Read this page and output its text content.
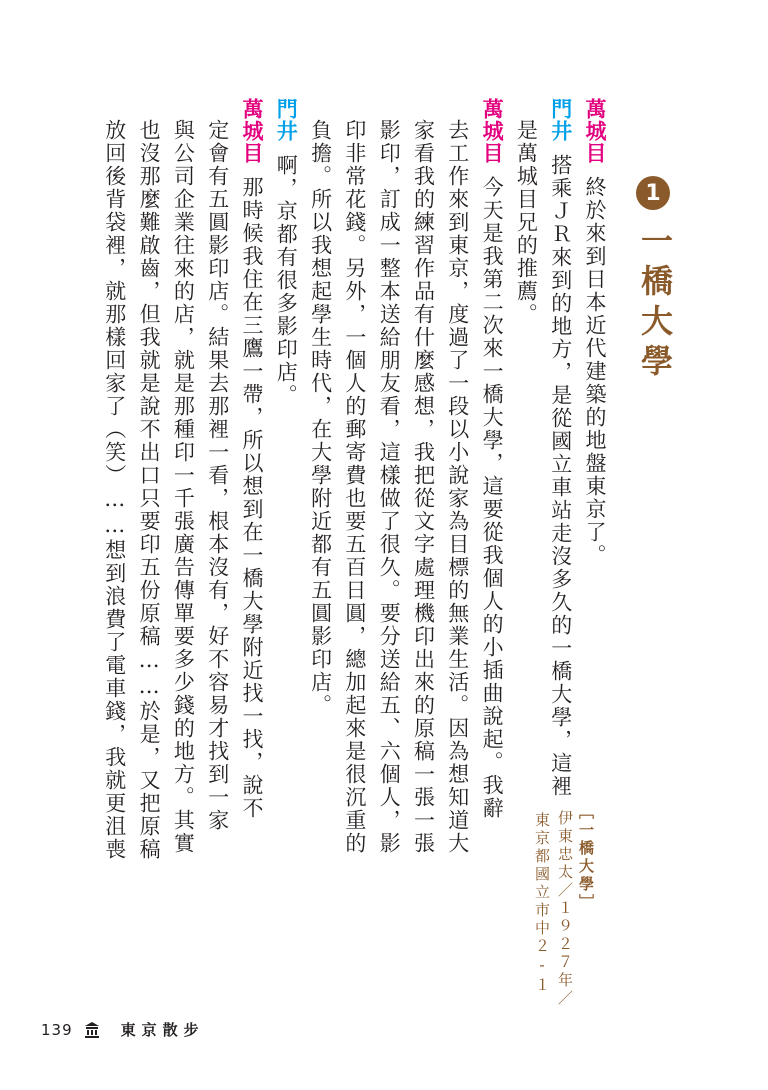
1
一橋大學
萬城目終於來到日本近代建築的地盤東京了。
門井搭乘ＪＲ來到的地方，是從國立車站走沒多久的一橋大學，這裡
是萬城目兄的推薦。
萬城目今天是我第二次來一橋大學，這要從我個人的小插曲說起。我辭
去工作來到東京，度過了一段以小說家為目標的無業生活。因為想知道大
家看我的練習作品有什麼感想，我把從文字處理機印出來的原稿一張一張
影印，訂成一整本送給朋友看，這樣做了很久。要分送給五、六個人，影
印非常花錢。另外，一個人的郵寄費也要五百日圓，總加起來是很沉重的
負擔。所以我想起學生時代，在大學附近都有五圓影印店。
門井啊，京都有很多影印店。
萬城目那時候我住在三鷹一帶，所以想到在一橋大學附近找一找，說不
定會有五圓影印店。結果去那裡一看，根本沒有，好不容易才找到一家
與公司企業往來的店，就是那種印一千張廣告傳單要多少錢的地方。其實
也沒那麼難啟齒，但我就是說不出口只要印五份原稿……於是，又把原稿
放回後背袋裡，就那樣回家了（笑）……想到浪費了電車錢，我就更沮喪	［一橋大學］
伊東忠太／１９２７年／
東京都國立市中２‐１
139	東京散步
